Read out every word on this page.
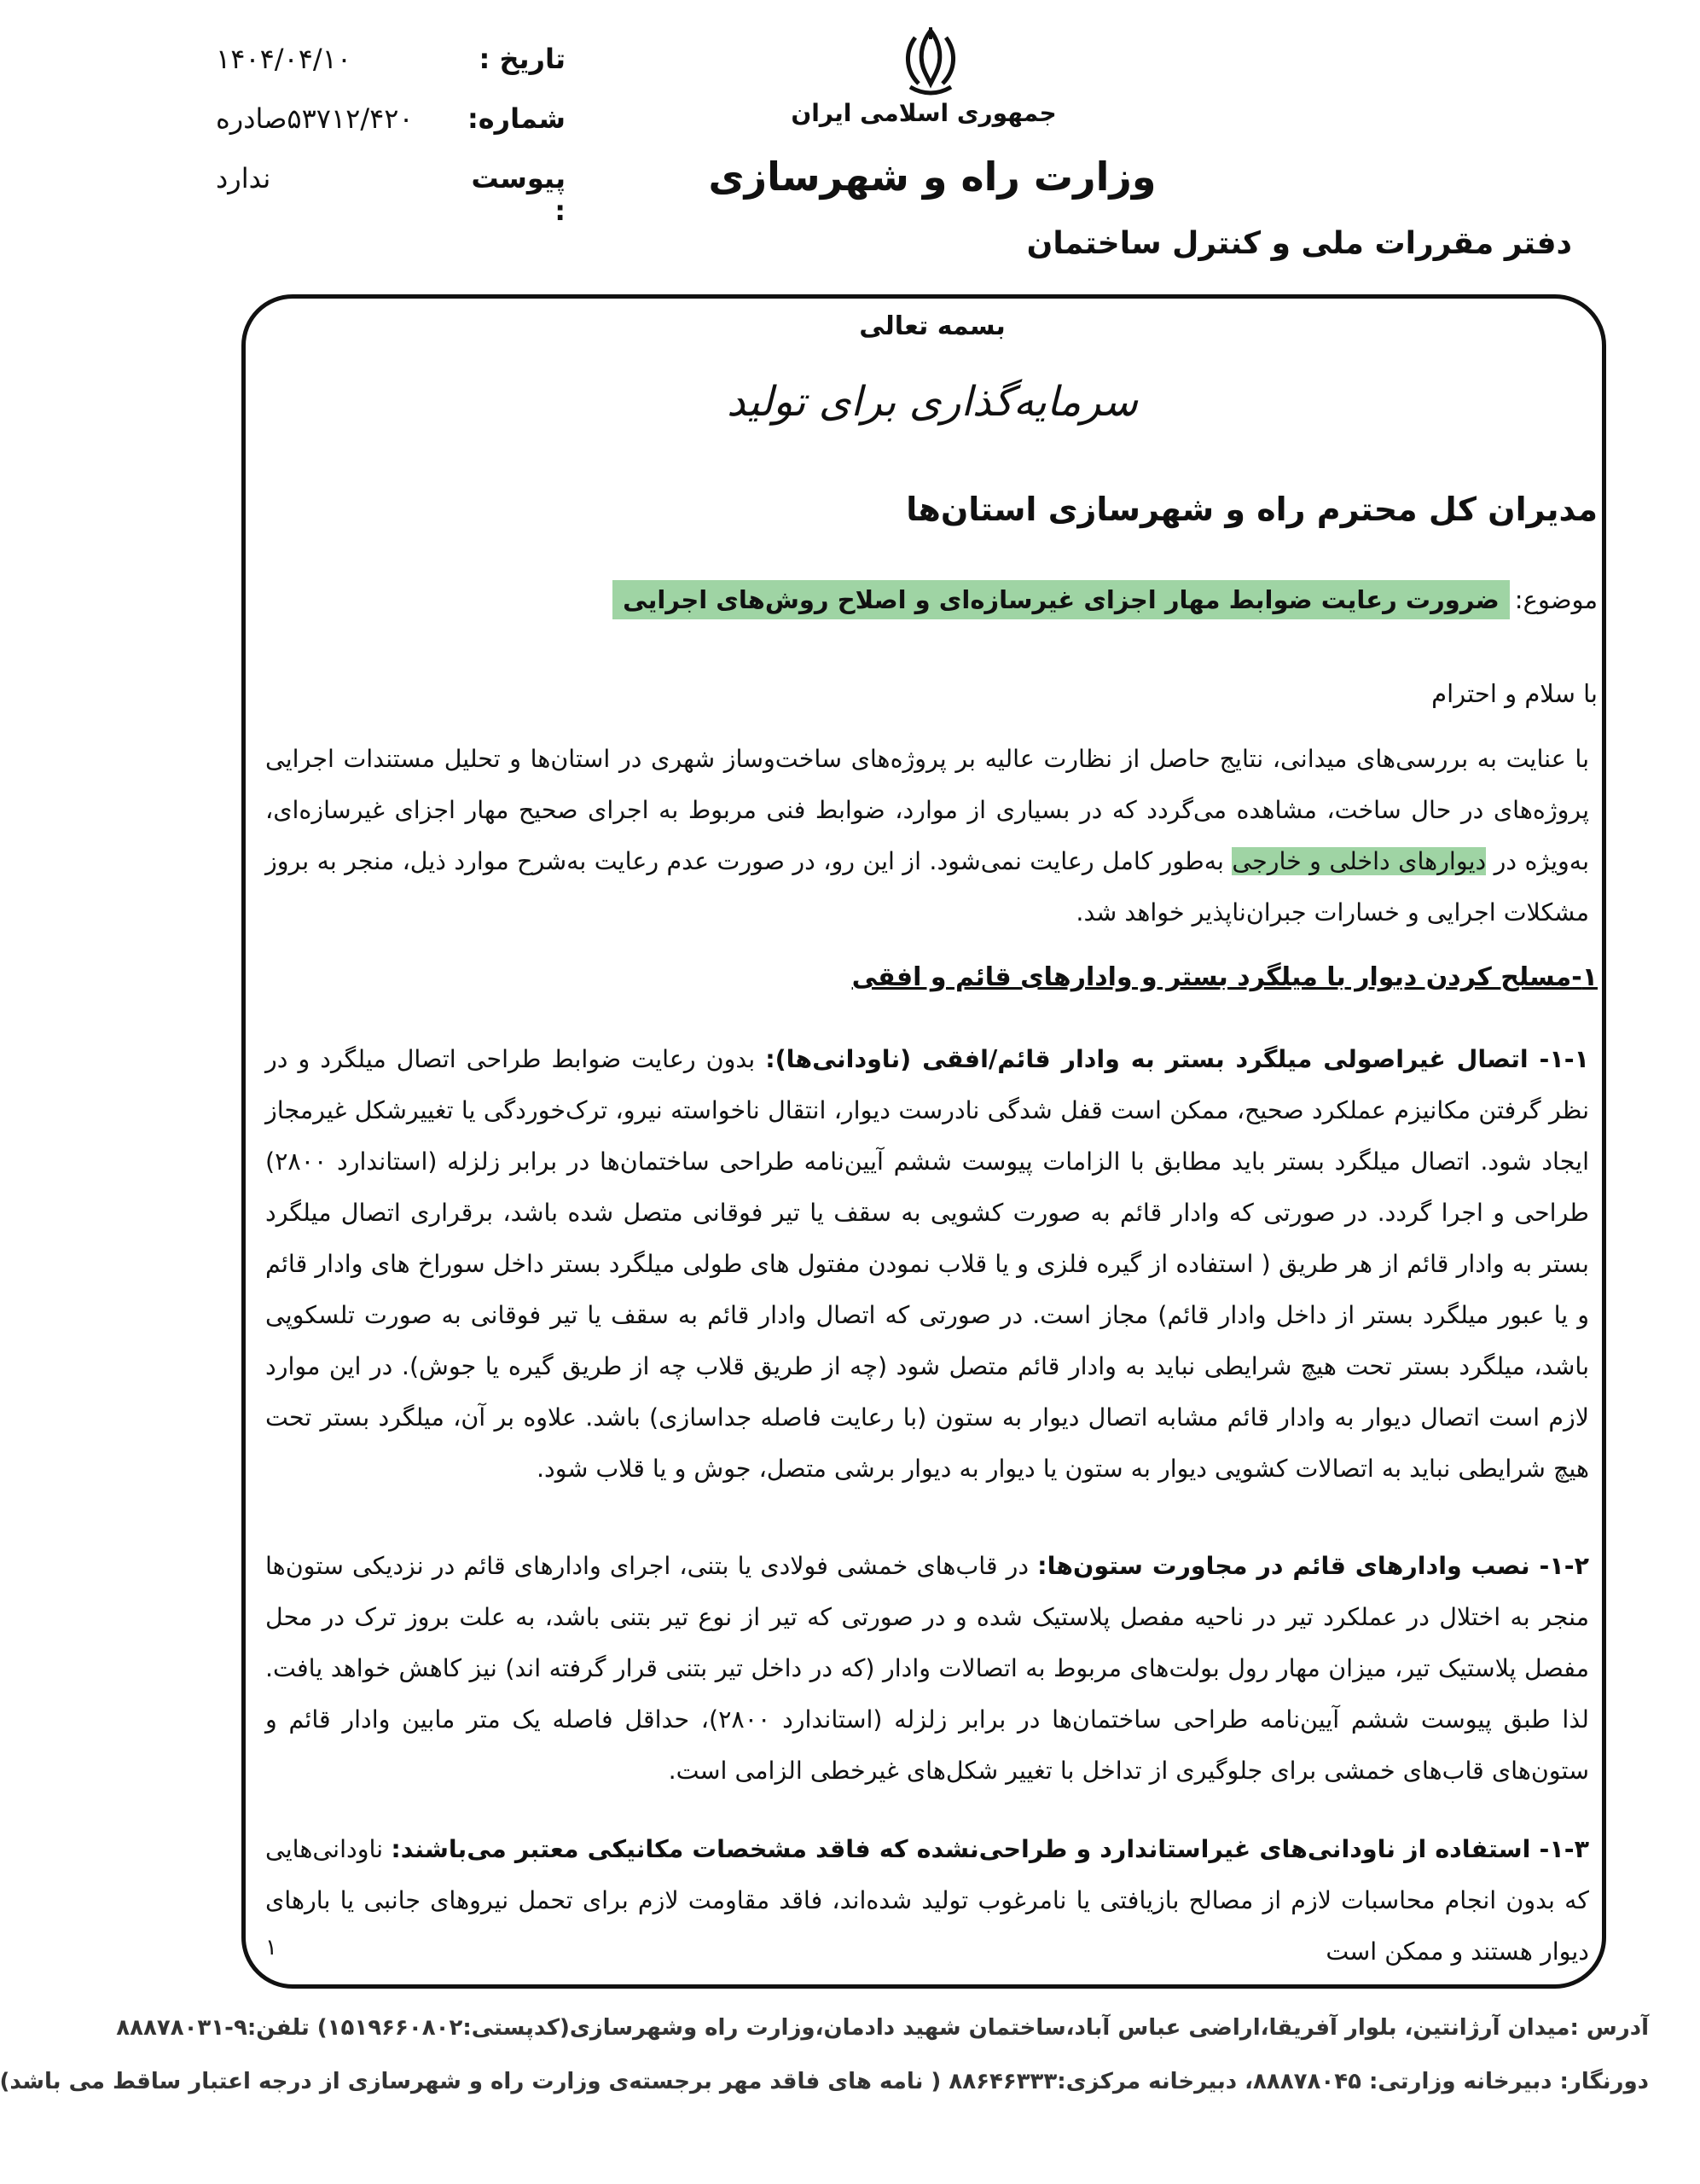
تاریخ :
۱۴۰۴/۰۴/۱۰
شماره:
۵۳۷۱۲/۴۲۰صادره
پیوست :
ندارد
جمهوری اسلامی ایران
وزارت راه و شهرسازی
دفتر مقررات ملی و کنترل ساختمان
بسمه تعالی
سرمایه‌گذاری برای تولید
مدیران کل محترم راه و شهرسازی استان‌ها
موضوع:
ضرورت رعایت ضوابط مهار اجزای غیرسازه‌ای و اصلاح روش‌های اجرایی
با سلام و احترام

با عنایت به بررسی‌های میدانی، نتایج حاصل از نظارت عالیه بر پروژه‌های ساخت‌وساز شهری در استان‌ها و تحلیل مستندات اجرایی پروژه‌های در حال ساخت، مشاهده می‌گردد که در بسیاری از موارد، ضوابط فنی مربوط به اجرای صحیح مهار اجزای غیرسازه‌ای، به‌ویژه در دیوارهای داخلی و خارجی به‌طور کامل رعایت نمی‌شود. از این رو، در صورت عدم رعایت به‌شرح موارد ذیل، منجر به بروز مشکلات اجرایی و خسارات جبران‌ناپذیر خواهد شد.

۱-مسلح کردن دیوار با میلگرد بستر و وادارهای قائم و افقی

۱-۱- اتصال غیراصولی میلگرد بستر به وادار قائم/افقی (ناودانی‌ها): بدون رعایت ضوابط طراحی اتصال میلگرد و در نظر گرفتن مکانیزم عملکرد صحیح، ممکن است قفل شدگی نادرست دیوار، انتقال ناخواسته نیرو، ترک‌خوردگی یا تغییرشکل غیرمجاز ایجاد شود. اتصال میلگرد بستر باید مطابق با الزامات پیوست ششم آیین‌نامه طراحی ساختمان‌ها در برابر زلزله (استاندارد ۲۸۰۰) طراحی و اجرا گردد. در صورتی که وادار قائم به صورت کشویی به سقف یا تیر فوقانی متصل شده باشد، برقراری اتصال میلگرد بستر به وادار قائم از هر طریق ( استفاده از گیره فلزی و یا قلاب نمودن مفتول های طولی میلگرد بستر داخل سوراخ های وادار قائم و یا عبور میلگرد بستر از داخل وادار قائم) مجاز است. در صورتی که اتصال وادار قائم به سقف یا تیر فوقانی به صورت تلسکوپی باشد، میلگرد بستر تحت هیچ شرایطی نباید به وادار قائم متصل شود (چه از طریق قلاب چه از طریق گیره یا جوش). در این موارد لازم است اتصال دیوار به وادار قائم مشابه اتصال دیوار به ستون (با رعایت فاصله جداسازی) باشد. علاوه بر آن، میلگرد بستر تحت هیچ شرایطی نباید به اتصالات کشویی دیوار به ستون یا دیوار به دیوار برشی متصل، جوش و یا قلاب شود.

۱-۲- نصب وادارهای قائم در مجاورت ستون‌ها: در قاب‌های خمشی فولادی یا بتنی، اجرای وادارهای قائم در نزدیکی ستون‌ها منجر به اختلال در عملکرد تیر در ناحیه مفصل پلاستیک شده و در صورتی که تیر از نوع تیر بتنی باشد، به علت بروز ترک در محل مفصل پلاستیک تیر، میزان مهار رول بولت‌های مربوط به اتصالات وادار (که در داخل تیر بتنی قرار گرفته اند) نیز کاهش خواهد یافت. لذا طبق پیوست ششم آیین‌نامه طراحی ساختمان‌ها در برابر زلزله (استاندارد ۲۸۰۰)، حداقل فاصله یک متر مابین وادار قائم و ستون‌های قاب‌های خمشی برای جلوگیری از تداخل با تغییر شکل‌های غیرخطی الزامی است.

۱-۳- استفاده از ناودانی‌های غیراستاندارد و طراحی‌نشده که فاقد مشخصات مکانیکی معتبر می‌باشند: ناودانی‌هایی که بدون انجام محاسبات لازم از مصالح بازیافتی یا نامرغوب تولید شده‌اند، فاقد مقاومت لازم برای تحمل نیروهای جانبی یا بارهای دیوار هستند و ممکن است

۱
آدرس :میدان آرژانتین، بلوار آفریقا،اراضی عباس آباد،ساختمان شهید دادمان،وزارت راه وشهرسازی(کدپستی:۱۵۱۹۶۶۰۸۰۲) تلفن:۹-۸۸۸۷۸۰۳۱
دورنگار: دبیرخانه وزارتی: ۸۸۸۷۸۰۴۵، دبیرخانه مرکزی:۸۸۶۴۶۳۳۳ ( نامه های فاقد مهر برجسته‌ی وزارت راه و شهرسازی از درجه اعتبار ساقط می باشد)
